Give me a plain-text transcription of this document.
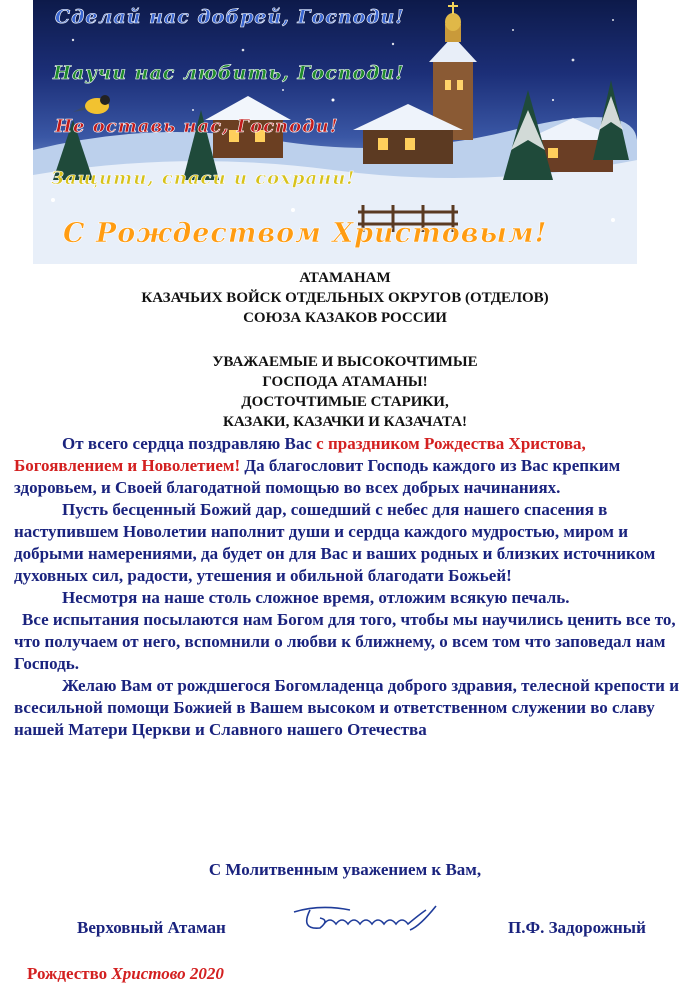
Сделай нас добрей, Господи!
Научи нас любить, Господи!
Не оставь нас, Господи!
Защити, спаси и сохрани!
С Рождеством Христовым!
АТАМАНАМ
КАЗАЧЬИХ ВОЙСК ОТДЕЛЬНЫХ ОКРУГОВ (ОТДЕЛОВ)
СОЮЗА КАЗАКОВ РОССИИ
УВАЖАЕМЫЕ И ВЫСОКОЧТИМЫЕ
ГОСПОДА АТАМАНЫ!
ДОСТОЧТИМЫЕ СТАРИКИ,
КАЗАКИ, КАЗАЧКИ И КАЗАЧАТА!

От всего сердца поздравляю Вас с праздником Рождества Христова, Богоявлением и Новолетием! Да благословит Господь каждого из Вас крепким здоровьем, и Своей благодатной помощью во всех добрых начинаниях.

Пусть бесценный Божий дар, сошедший с небес для нашего спасения в наступившем Новолетии наполнит души и сердца каждого мудростью, миром и добрыми намерениями, да будет он для Вас и ваших родных и близких источником духовных сил, радости, утешения и обильной благодати Божьей!

Несмотря на наше столь сложное время, отложим всякую печаль.

Все испытания посылаются нам Богом для того, чтобы мы научились ценить все то, что получаем от него, вспомнили о любви к ближнему, о всем том что заповедал нам Господь.

Желаю Вам от рождшегося Богомладенца доброго здравия, телесной крепости и всесильной помощи Божией в Вашем высоком и ответственном служении во славу нашей Матери Церкви и Славного нашего Отечества

С Молитвенным уважением к Вам,
Верховный Атаман	П.Ф. Задорожный
Рождество Христово 2020
